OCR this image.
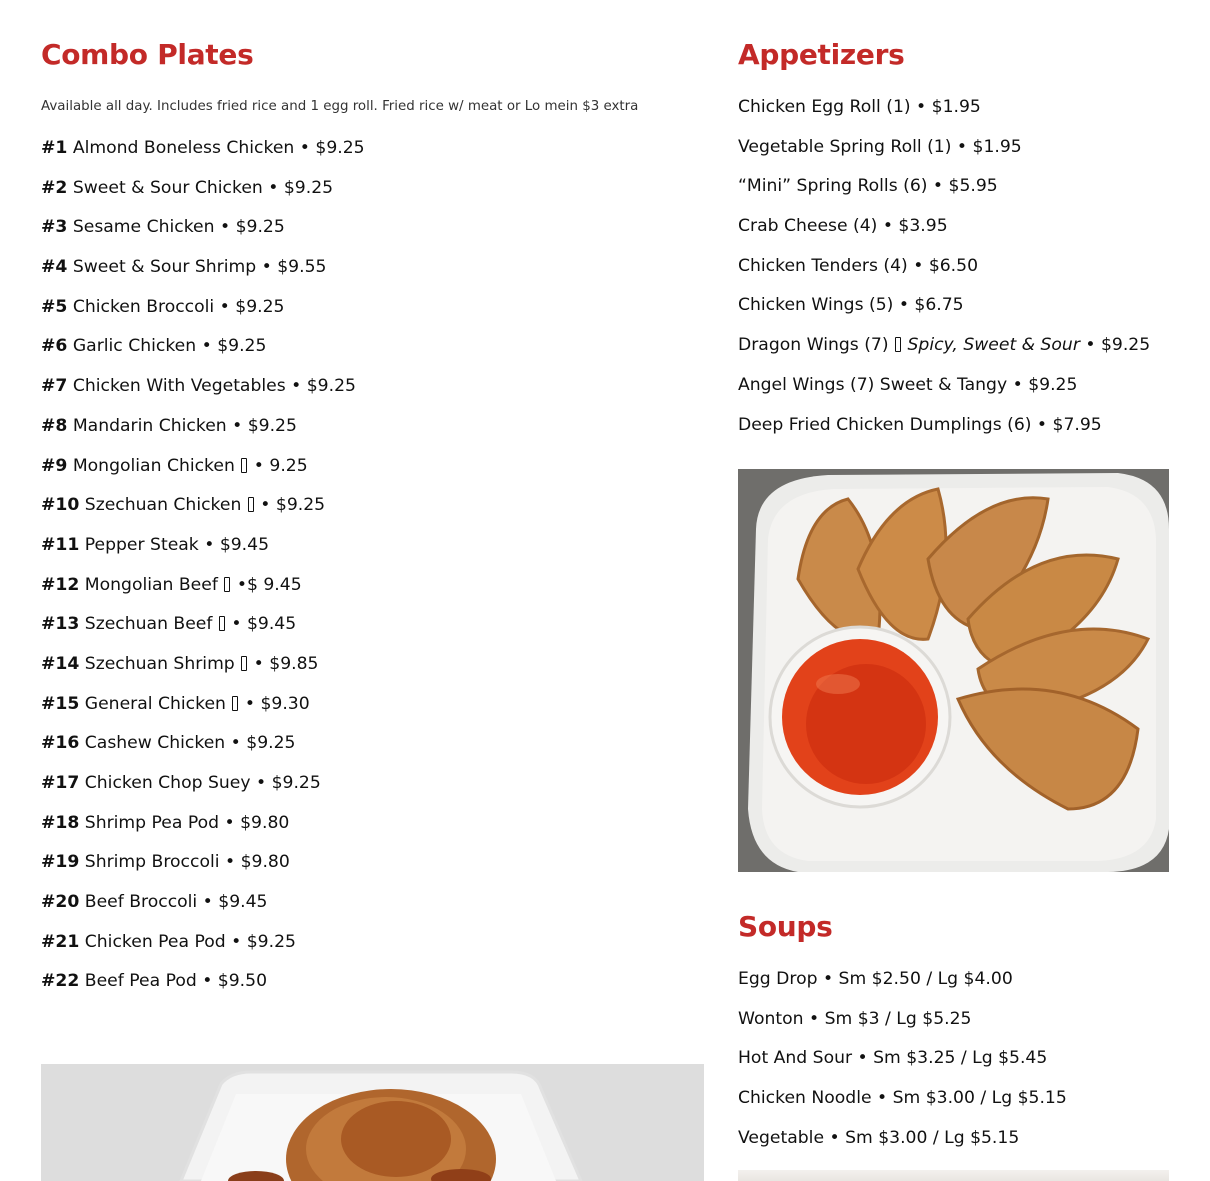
Combo Plates
Available all day. Includes fried rice and 1 egg roll. Fried rice w/ meat or Lo mein $3 extra
#1 Almond Boneless Chicken • $9.25
#2 Sweet & Sour Chicken • $9.25
#3 Sesame Chicken • $9.25
#4 Sweet & Sour Shrimp • $9.55
#5 Chicken Broccoli • $9.25
#6 Garlic Chicken • $9.25
#7 Chicken With Vegetables • $9.25
#8 Mandarin Chicken • $9.25
#9 Mongolian Chicken  • 9.25
#10 Szechuan Chicken  • $9.25
#11 Pepper Steak • $9.45
#12 Mongolian Beef  •$ 9.45
#13 Szechuan Beef  • $9.45
#14 Szechuan Shrimp  • $9.85
#15 General Chicken  • $9.30
#16 Cashew Chicken • $9.25
#17 Chicken Chop Suey • $9.25
#18 Shrimp Pea Pod • $9.80
#19 Shrimp Broccoli • $9.80
#20 Beef Broccoli • $9.45
#21 Chicken Pea Pod • $9.25
#22 Beef Pea Pod • $9.50
Appetizers
Chicken Egg Roll (1) • $1.95
Vegetable Spring Roll (1) • $1.95
“Mini” Spring Rolls (6) • $5.95
Crab Cheese (4) • $3.95
Chicken Tenders (4) • $6.50
Chicken Wings (5) • $6.75
Dragon Wings (7) Spicy, Sweet & Sour • $9.25
Angel Wings (7) Sweet & Tangy • $9.25
Deep Fried Chicken Dumplings (6) • $7.95
Soups
Egg Drop • Sm $2.50 / Lg $4.00
Wonton • Sm $3 / Lg $5.25
Hot And Sour • Sm $3.25 / Lg $5.45
Chicken Noodle • Sm $3.00 / Lg $5.15
Vegetable • Sm $3.00 / Lg $5.15
